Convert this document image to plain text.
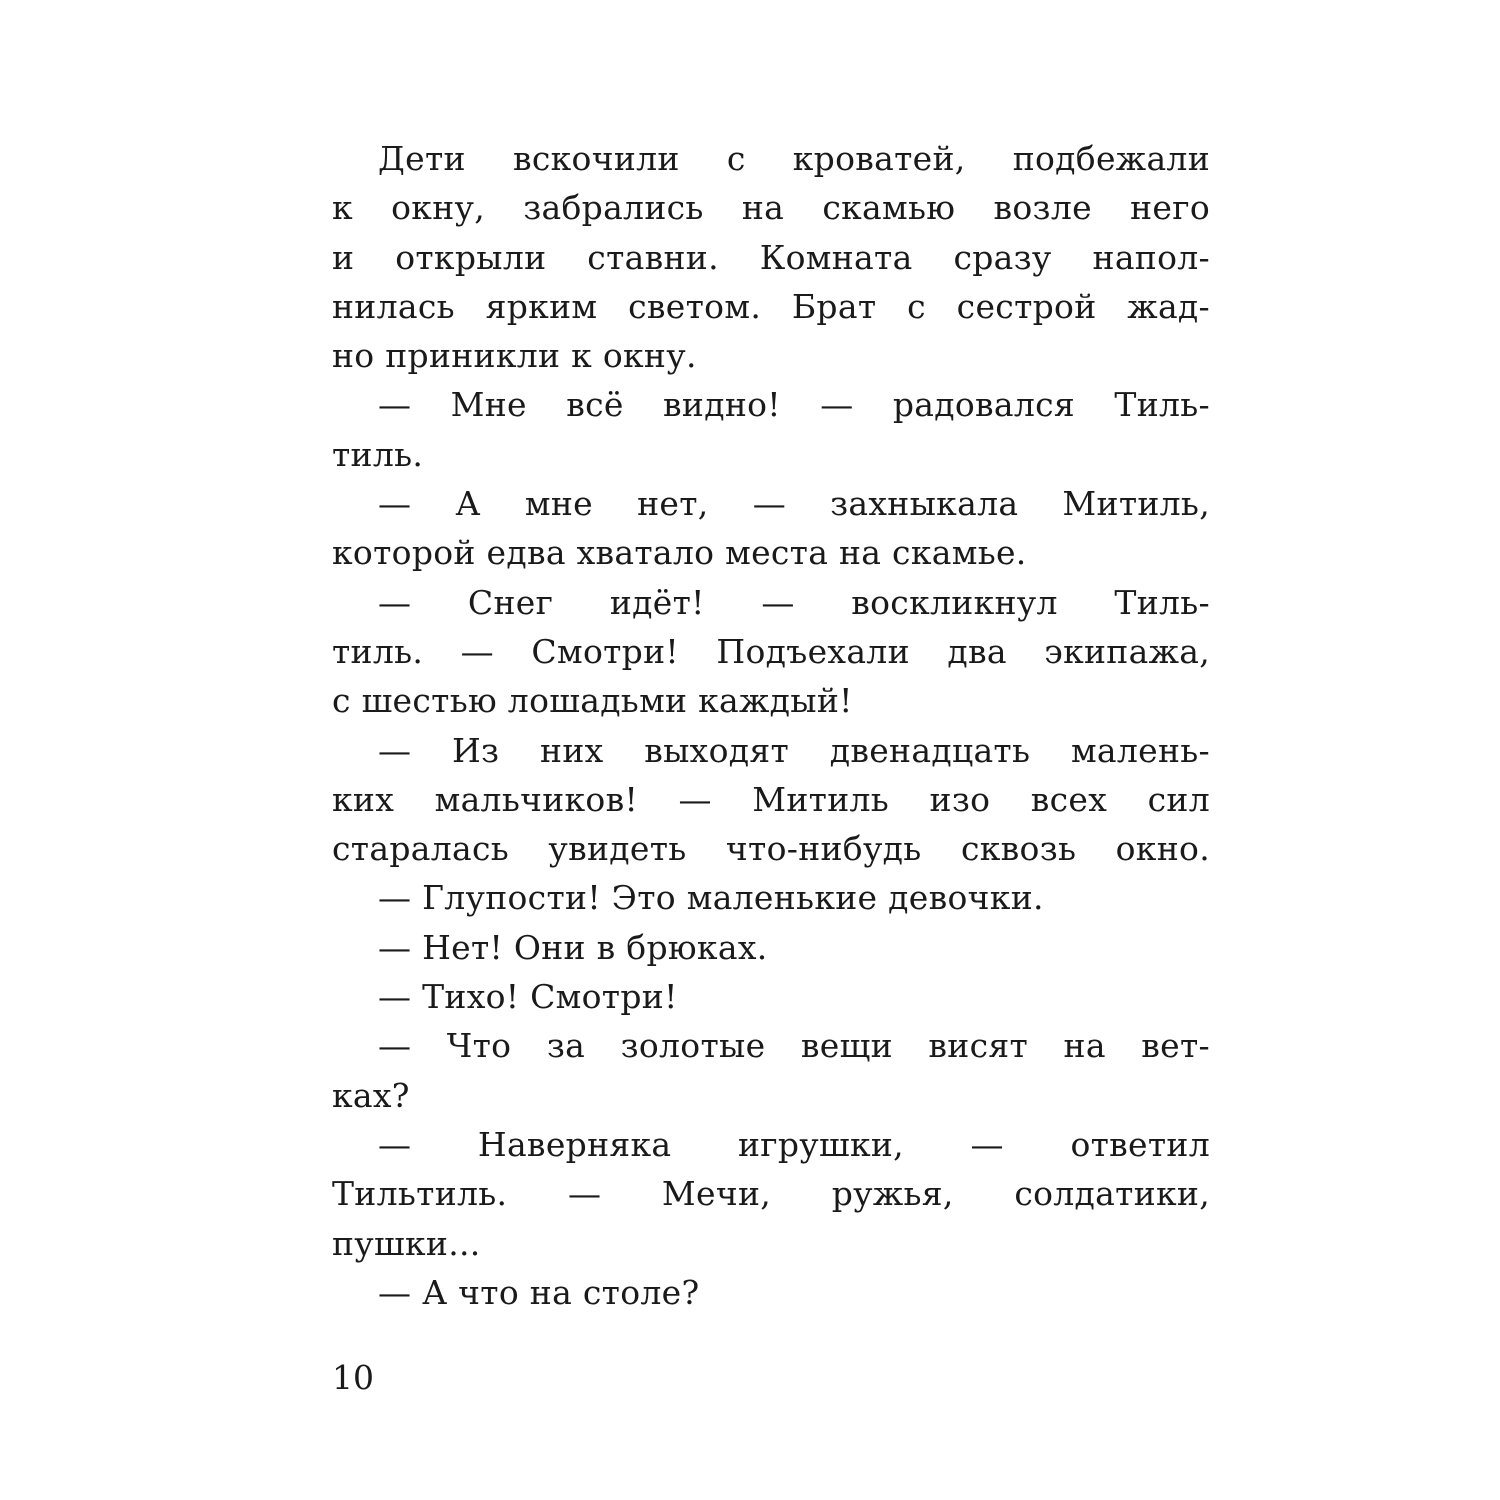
Дети вскочили с кроватей, подбежали
к окну, забрались на скамью возле него
и открыли ставни. Комната сразу напол-
нилась ярким светом. Брат с сестрой жад-
но приникли к окну.
— Мне всё видно! — радовался Тиль-
тиль.
— А мне нет, — захныкала Митиль,
которой едва хватало места на скамье.
— Снег идёт! — воскликнул Тиль-
тиль. — Смотри! Подъехали два экипажа,
с шестью лошадьми каждый!
— Из них выходят двенадцать малень-
ких мальчиков! — Митиль изо всех сил
старалась увидеть что-нибудь сквозь окно.
— Глупости! Это маленькие девочки.
— Нет! Они в брюках.
— Тихо! Смотри!
— Что за золотые вещи висят на вет-
ках?
— Наверняка игрушки, — ответил
Тильтиль. — Мечи, ружья, солдатики,
пушки...
— А что на столе?
10
